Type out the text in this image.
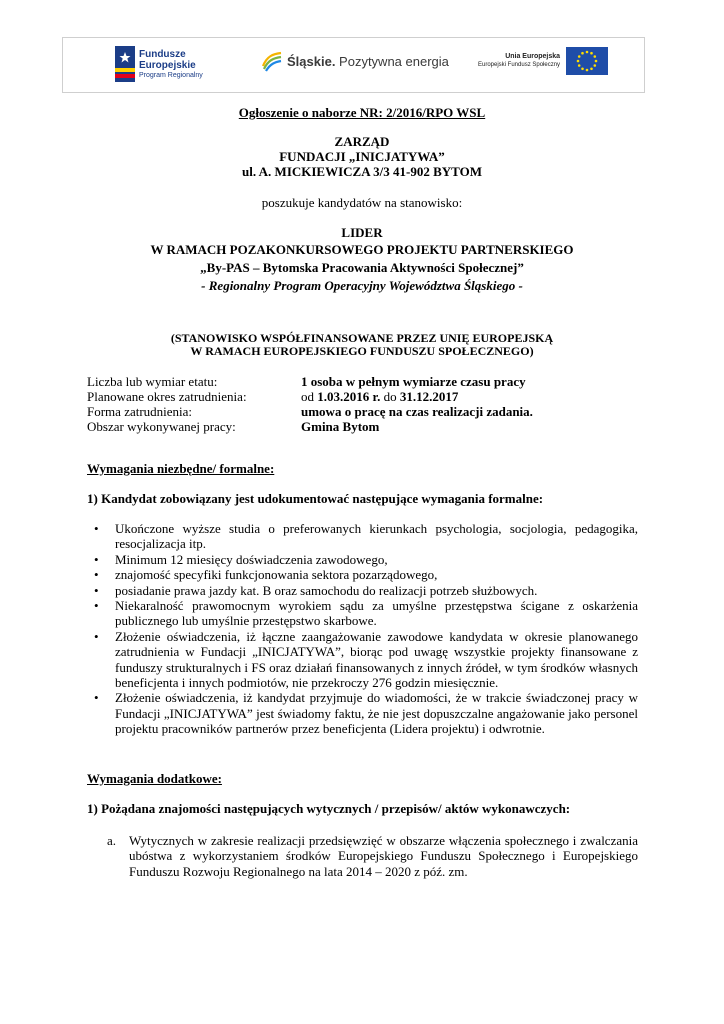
Fundusze
Europejskie
Program Regionalny
Śląskie. Pozytywna energia	Unia Europejska
Europejski Fundusz Społeczny
Ogłoszenie o naborze NR: 2/2016/RPO WSL
ZARZĄD
FUNDACJI „INICJATYWA”
ul. A. MICKIEWICZA 3/3 41-902 BYTOM
poszukuje kandydatów na stanowisko:
LIDER
W RAMACH POZAKONKURSOWEGO PROJEKTU PARTNERSKIEGO
„By-PAS – Bytomska Pracowania Aktywności Społecznej”
- Regionalny Program Operacyjny Województwa Śląskiego -
(STANOWISKO WSPÓŁFINANSOWANE PRZEZ UNIĘ EUROPEJSKĄ
W RAMACH EUROPEJSKIEGO FUNDUSZU SPOŁECZNEGO)
Liczba lub wymiar etatu:	1 osoba w pełnym wymiarze czasu pracy
Planowane okres zatrudnienia:	od 1.03.2016 r. do 31.12.2017
Forma zatrudnienia:	umowa o pracę na czas realizacji zadania.
Obszar wykonywanej pracy:	Gmina Bytom
Wymagania niezbędne/ formalne:
1) Kandydat zobowiązany jest udokumentować następujące wymagania formalne:
• Ukończone wyższe studia o preferowanych kierunkach psychologia, socjologia, pedagogika, resocjalizacja itp.
• Minimum 12 miesięcy doświadczenia zawodowego,
• znajomość specyfiki funkcjonowania sektora pozarządowego,
• posiadanie prawa jazdy kat. B oraz samochodu do realizacji potrzeb służbowych.
• Niekaralność prawomocnym wyrokiem sądu za umyślne przestępstwa ścigane z oskarżenia publicznego lub umyślnie przestępstwo skarbowe.
• Złożenie oświadczenia, iż łączne zaangażowanie zawodowe kandydata w okresie planowanego zatrudnienia w Fundacji „INICJATYWA”, biorąc pod uwagę wszystkie projekty finansowane z funduszy strukturalnych i FS oraz działań finansowanych z innych źródeł, w tym środków własnych beneficjenta i innych podmiotów, nie przekroczy 276 godzin miesięcznie.
• Złożenie oświadczenia, iż kandydat przyjmuje do wiadomości, że w trakcie świadczonej pracy w Fundacji „INICJATYWA” jest świadomy faktu, że nie jest dopuszczalne angażowanie jako personel projektu pracowników partnerów przez beneficjenta (Lidera projektu) i odwrotnie.
Wymagania dodatkowe:
1) Pożądana znajomości następujących wytycznych / przepisów/ aktów wykonawczych:
a. Wytycznych w zakresie realizacji przedsięwzięć w obszarze włączenia społecznego i zwalczania ubóstwa z wykorzystaniem środków Europejskiego Funduszu Społecznego i Europejskiego Funduszu Rozwoju Regionalnego na lata 2014 – 2020 z póź. zm.
